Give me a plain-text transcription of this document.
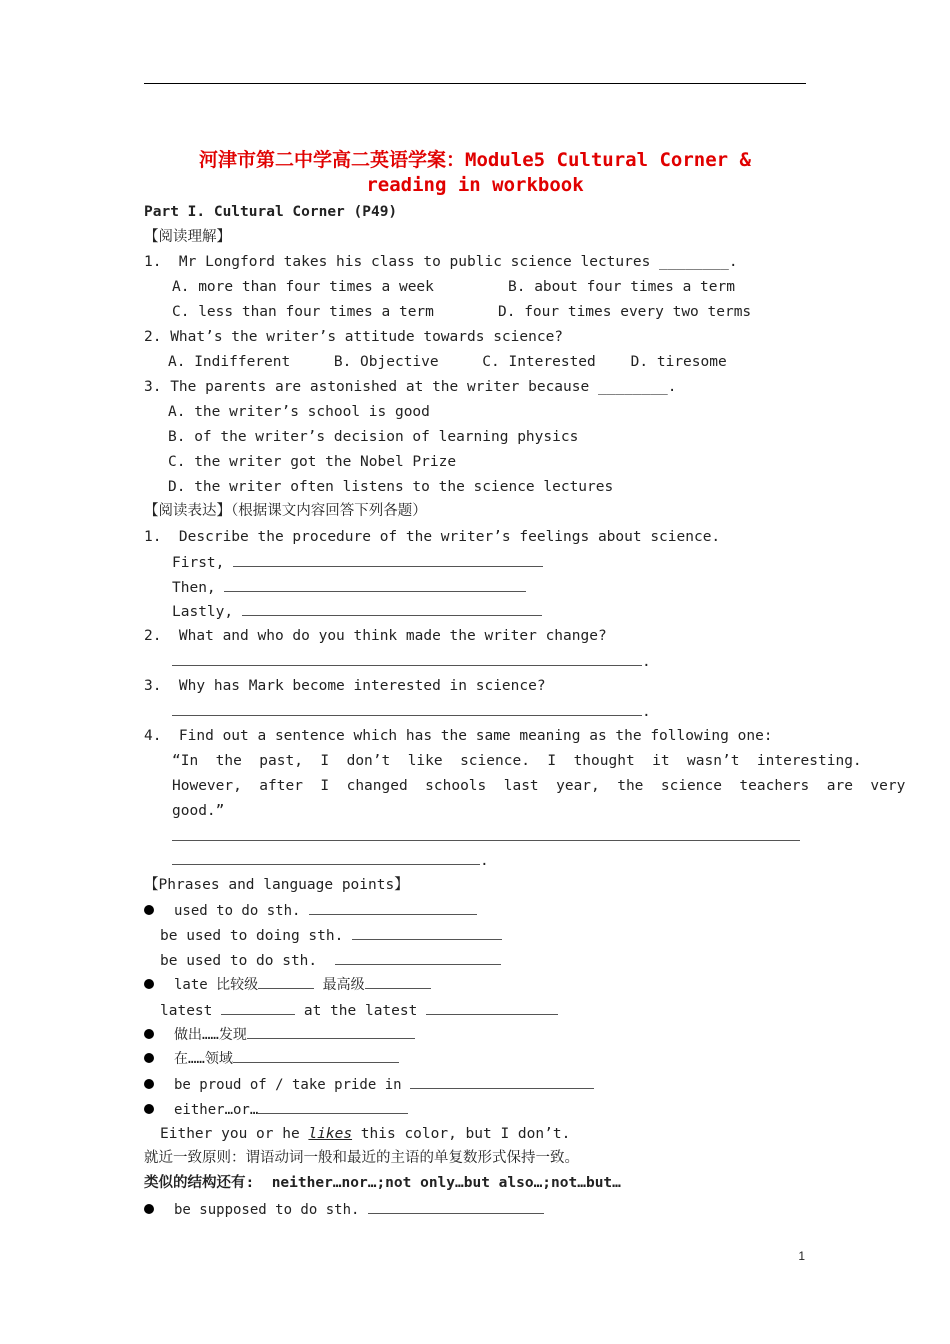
河津市第二中学高二英语学案：Module5 Cultural Corner &
reading in workbook
Part I. Cultural Corner (P49)
【阅读理解】
1.  Mr Longford takes his class to public science lectures ________.
A. more than four times a week	B. about four times a term
C. less than four times a term	D. four times every two terms
2. What’s the writer’s attitude towards science?
A. Indifferent     B. Objective     C. Interested    D. tiresome
3. The parents are astonished at the writer because ________.
A. the writer’s school is good
B. of the writer’s decision of learning physics
C. the writer got the Nobel Prize
D. the writer often listens to the science lectures
【阅读表达】（根据课文内容回答下列各题）
1.  Describe the procedure of the writer’s feelings about science.
First,
Then,
Lastly,
2.  What and who do you think made the writer change?
.
3.  Why has Mark become interested in science?
.
4.  Find out a sentence which has the same meaning as the following one:
“In  the  past,  I  don’t  like  science.  I  thought  it  wasn’t  interesting.
However,  after  I  changed  schools  last  year,  the  science  teachers  are  very
good.”
.
【Phrases and language points】
used to do sth.
be used to doing sth.
be used to do sth.
late 比较级	最高级
latest	at the latest
做出……发现
在……领域
be proud of / take pride in
either…or…
Either you or he likes this color, but I don’t.
就近一致原则：谓语动词一般和最近的主语的单复数形式保持一致。
类似的结构还有:  neither…nor…;not only…but also…;not…but…
be supposed to do sth.
1
